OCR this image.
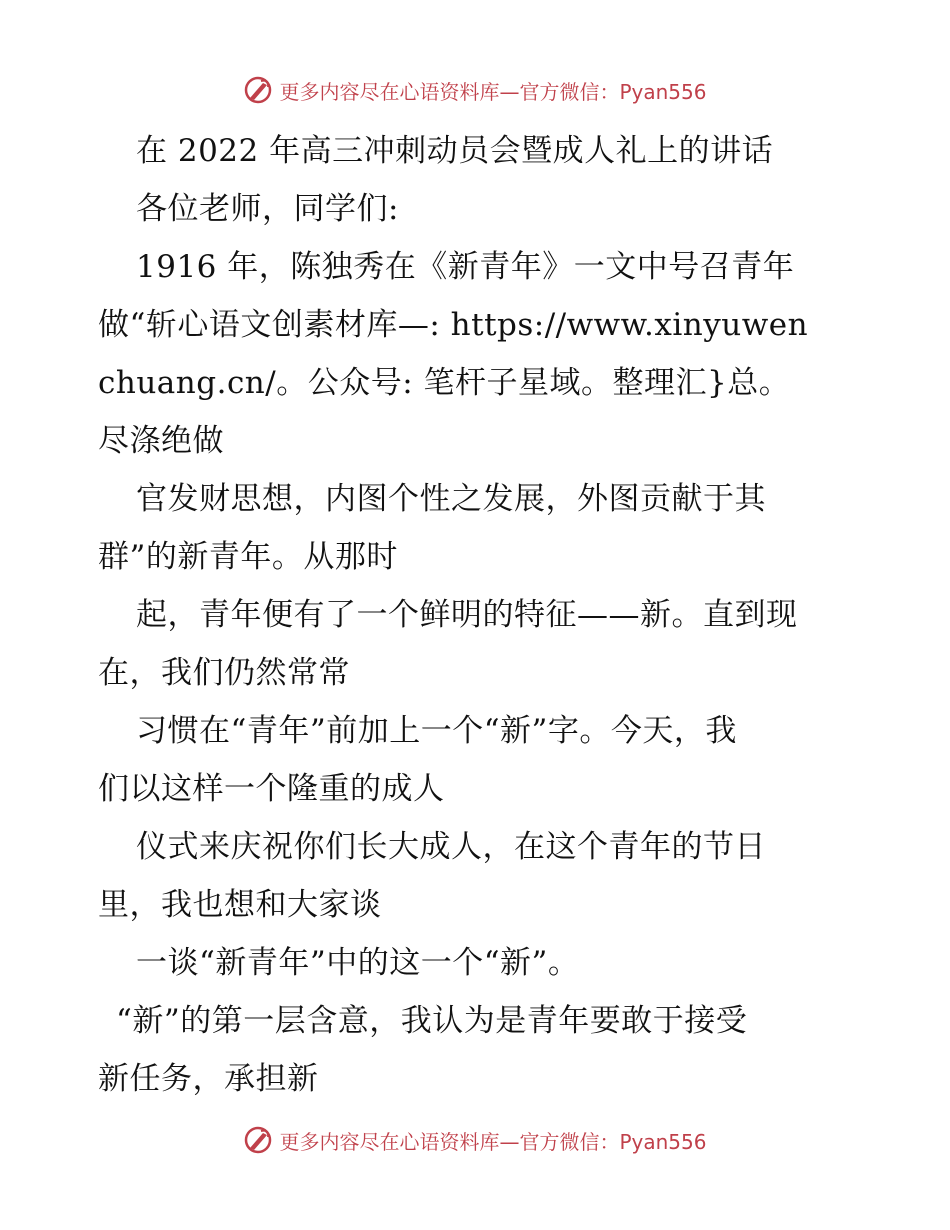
更多内容尽在心语资料库—官方微信：Pyan556
在 2022 年高三冲刺动员会暨成人礼上的讲话
各位老师，同学们:
1916 年，陈独秀在《新青年》一文中号召青年
做“斩心语文创素材库—: https://www.xinyuwen
chuang.cn/。公众号: 笔杆子星域。整理汇}总。
尽涤绝做
官发财思想，内图个性之发展，外图贡献于其
群”的新青年。从那时
起，青年便有了一个鲜明的特征——新。直到现
在，我们仍然常常
习惯在“青年”前加上一个“新”字。今天，我
们以这样一个隆重的成人
仪式来庆祝你们长大成人，在这个青年的节日
里，我也想和大家谈
一谈“新青年”中的这一个“新”。
“新”的第一层含意，我认为是青年要敢于接受
新任务，承担新
更多内容尽在心语资料库—官方微信：Pyan556
